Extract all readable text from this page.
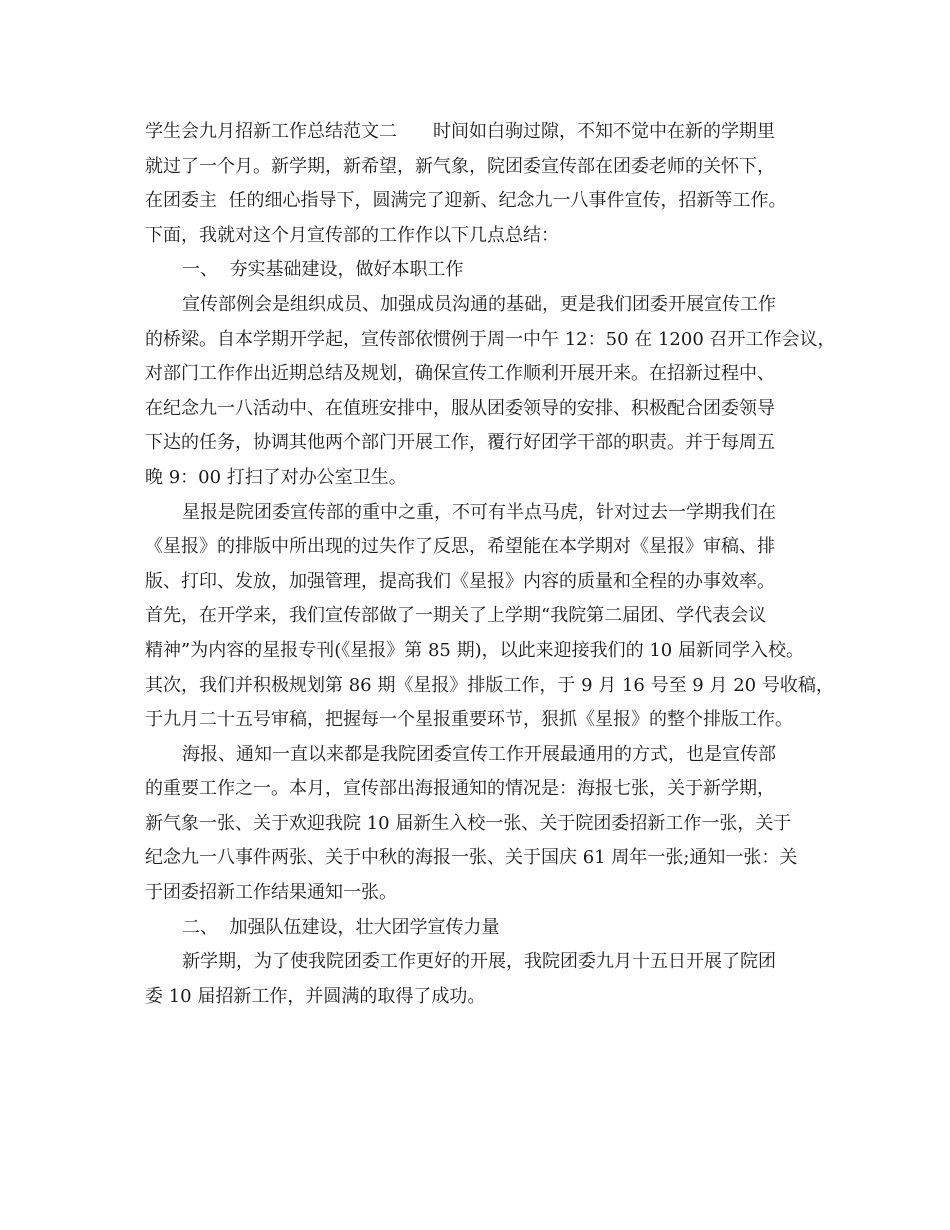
学生会九月招新工作总结范文二　　时间如白驹过隙，不知不觉中在新的学期里
就过了一个月。新学期，新希望，新气象，院团委宣传部在团委老师的关怀下，
在团委主  任的细心指导下，圆满完了迎新、纪念九一八事件宣传，招新等工作。
下面，我就对这个月宣传部的工作作以下几点总结：
一、  夯实基础建设，做好本职工作
宣传部例会是组织成员、加强成员沟通的基础，更是我们团委开展宣传工作
的桥梁。自本学期开学起，宣传部依惯例于周一中午 12：50 在 1200 召开工作会议，
对部门工作作出近期总结及规划，确保宣传工作顺利开展开来。在招新过程中、
在纪念九一八活动中、在值班安排中，服从团委领导的安排、积极配合团委领导
下达的任务，协调其他两个部门开展工作，覆行好团学干部的职责。并于每周五
晚 9：00 打扫了对办公室卫生。
星报是院团委宣传部的重中之重，不可有半点马虎，针对过去一学期我们在
《星报》的排版中所出现的过失作了反思，希望能在本学期对《星报》审稿、排
版、打印、发放，加强管理，提高我们《星报》内容的质量和全程的办事效率。
首先，在开学来，我们宣传部做了一期关了上学期“我院第二届团、学代表会议
精神”为内容的星报专刊(《星报》第 85 期)，以此来迎接我们的 10 届新同学入校。
其次，我们并积极规划第 86 期《星报》排版工作，于 9 月 16 号至 9 月 20 号收稿，
于九月二十五号审稿，把握每一个星报重要环节，狠抓《星报》的整个排版工作。
海报、通知一直以来都是我院团委宣传工作开展最通用的方式，也是宣传部
的重要工作之一。本月，宣传部出海报通知的情况是：海报七张，关于新学期，
新气象一张、关于欢迎我院 10 届新生入校一张、关于院团委招新工作一张，关于
纪念九一八事件两张、关于中秋的海报一张、关于国庆 61 周年一张;通知一张：关
于团委招新工作结果通知一张。
二、  加强队伍建设，壮大团学宣传力量
新学期，为了使我院团委工作更好的开展，我院团委九月十五日开展了院团
委 10 届招新工作，并圆满的取得了成功。
